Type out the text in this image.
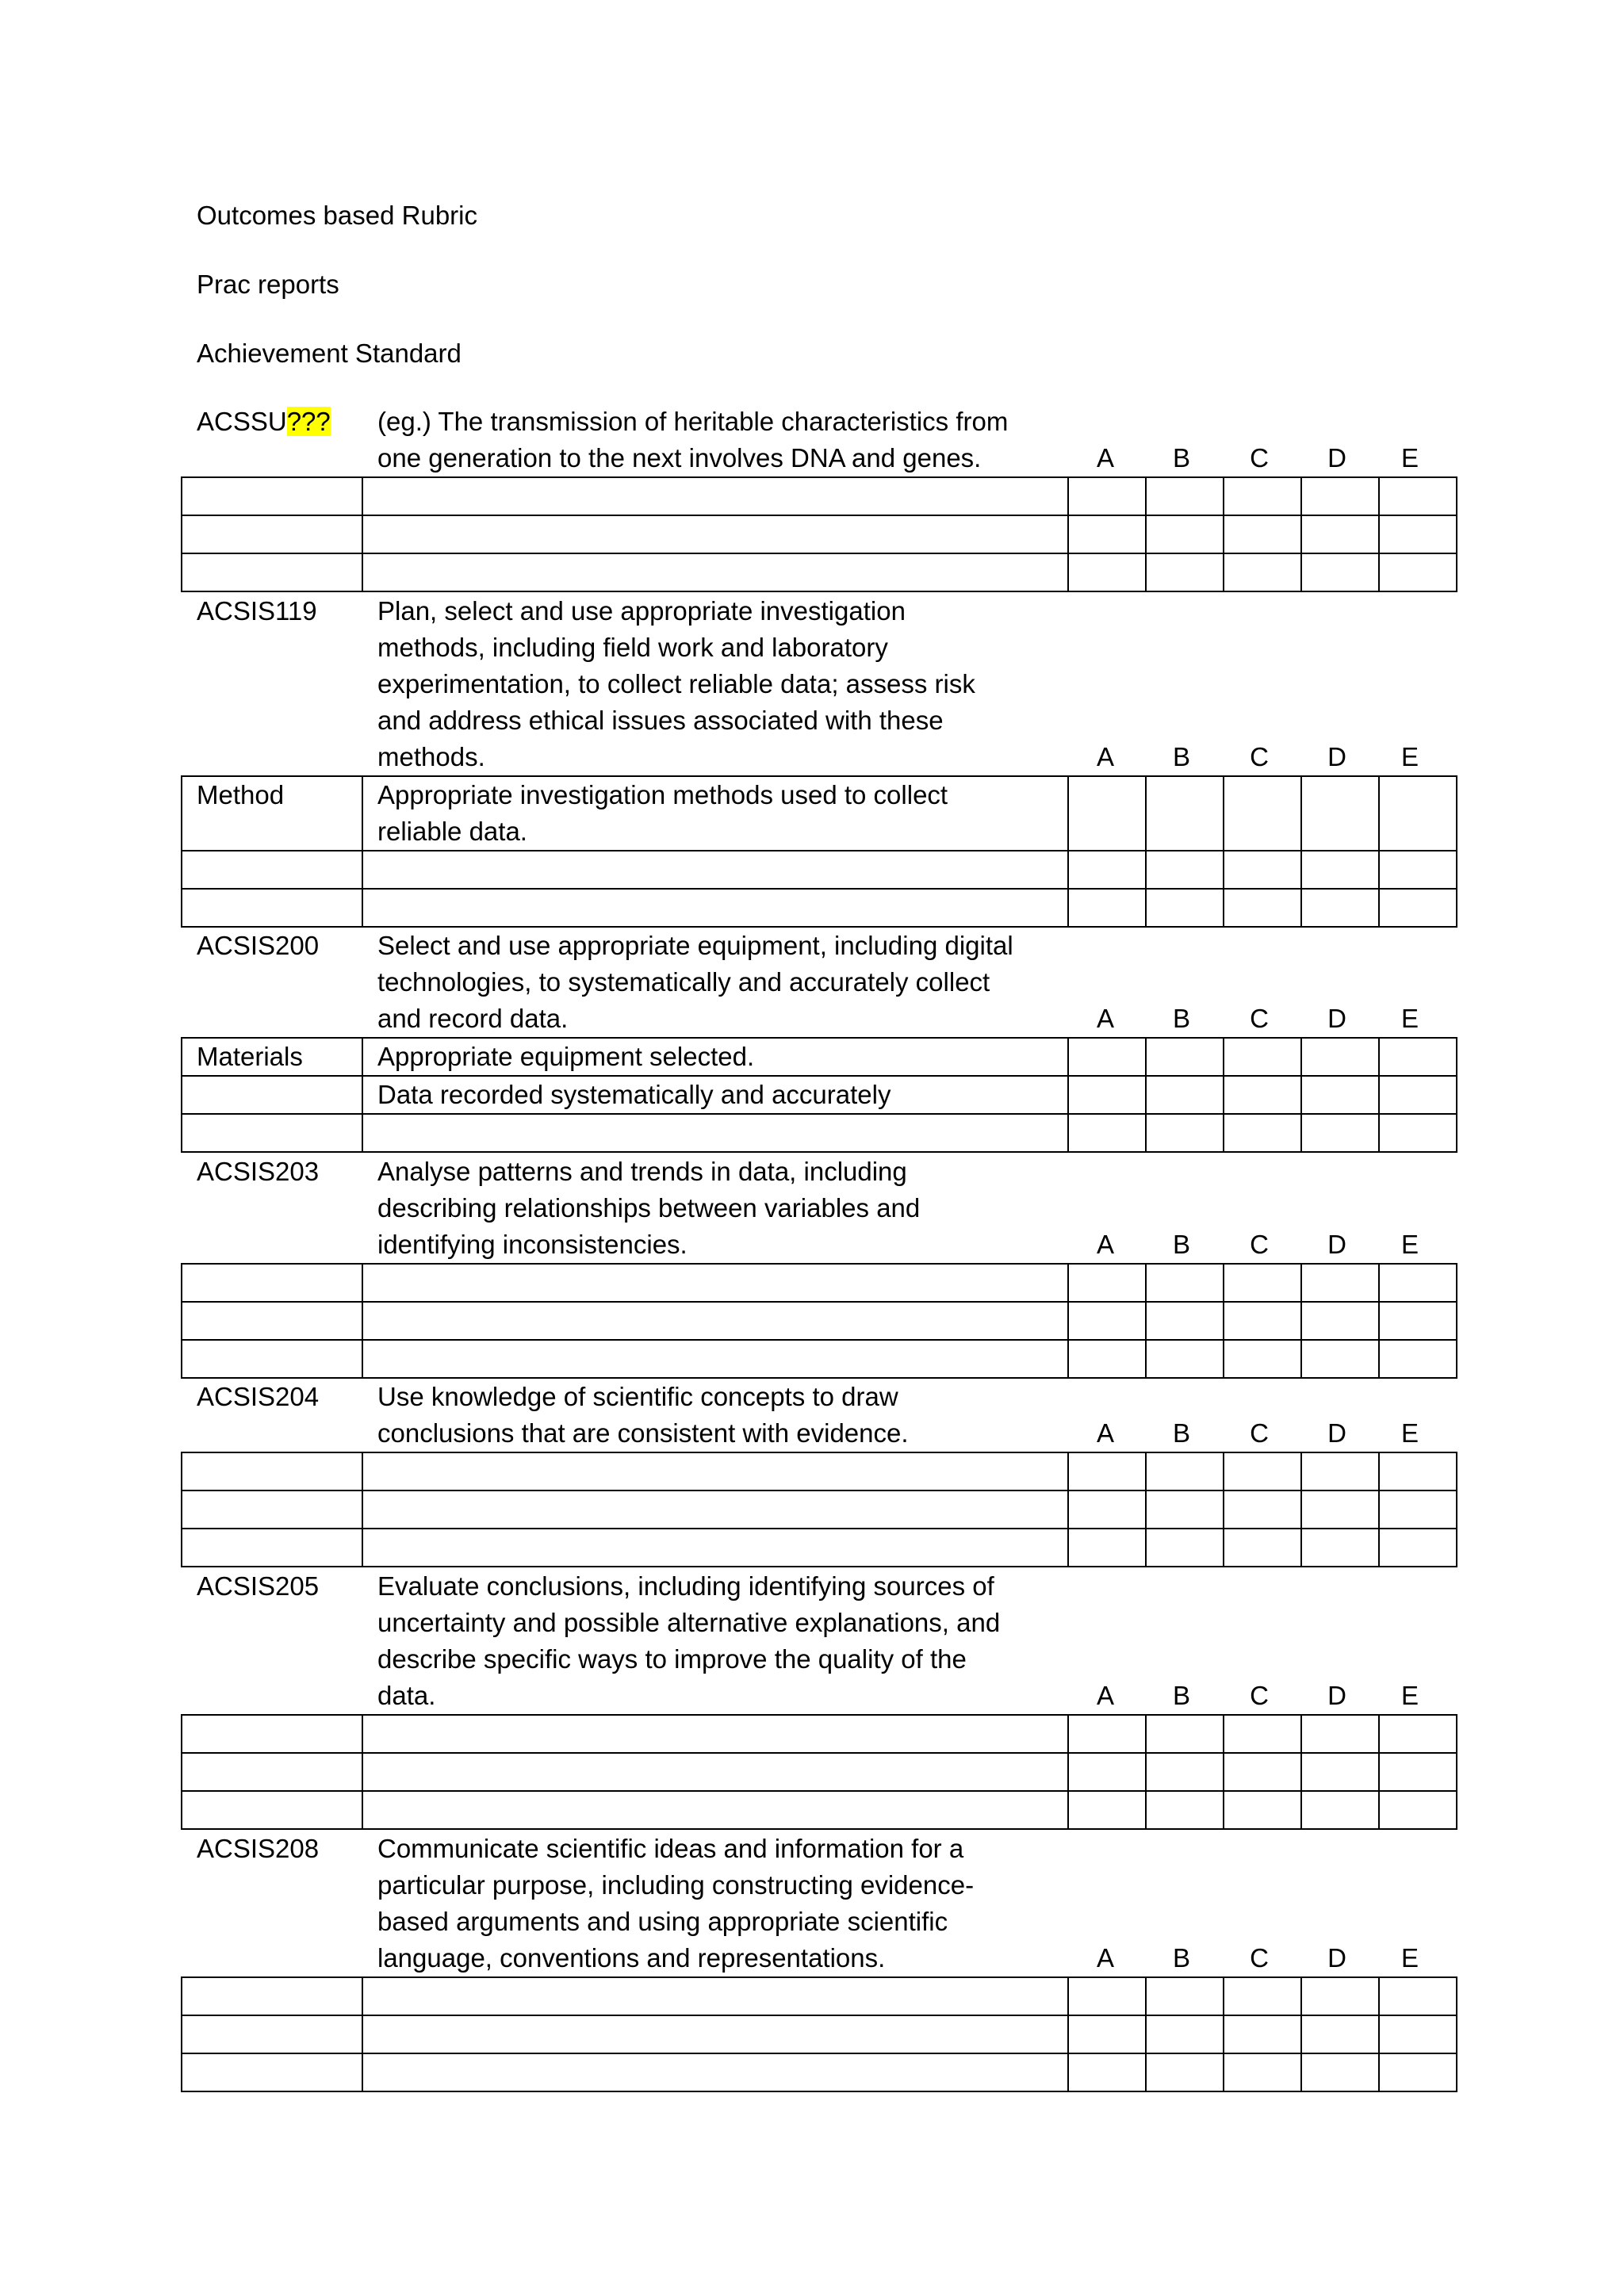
Outcomes based Rubric
Prac reports
Achievement Standard
ACSSU??? (eg.) The transmission of heritable characteristics from
one generation to the next involves DNA and genes.	A	B	C	D	E

ACSIS119 Plan, select and use appropriate investigation
methods, including field work and laboratory
experimentation, to collect reliable data; assess risk
and address ethical issues associated with these
methods.	A	B	C	D	E
Method	Appropriate investigation methods used to collect
reliable data.					

ACSIS200 Select and use appropriate equipment, including digital
technologies, to systematically and accurately collect
and record data.	A	B	C	D	E
Materials	Appropriate equipment selected.					

	Data recorded systematically and accurately					

ACSIS203 Analyse patterns and trends in data, including
describing relationships between variables and
identifying inconsistencies.	A	B	C	D	E

ACSIS204 Use knowledge of scientific concepts to draw
conclusions that are consistent with evidence.	A	B	C	D	E

ACSIS205 Evaluate conclusions, including identifying sources of
uncertainty and possible alternative explanations, and
describe specific ways to improve the quality of the
data.	A	B	C	D	E

ACSIS208 Communicate scientific ideas and information for a
particular purpose, including constructing evidence-
based arguments and using appropriate scientific
language, conventions and representations.	A	B	C	D	E
